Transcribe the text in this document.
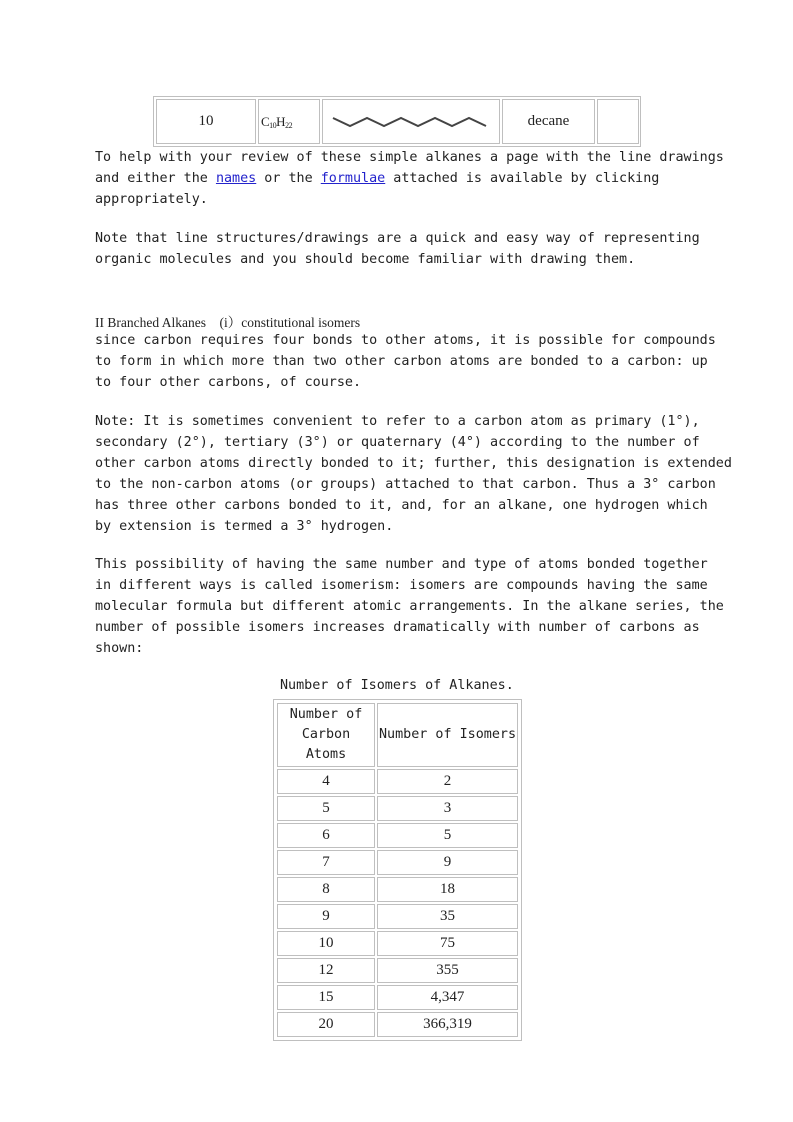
10	$C_{10}H_{22}$	decane
To help with your review of these simple alkanes a page with the line drawings
and either the names or the formulae attached is available by clicking
appropriately.
Note that line structures/drawings are a quick and easy way of representing
organic molecules and you should become familiar with drawing them.
II Branched Alkanes　(i）constitutional isomers
since carbon requires four bonds to other atoms, it is possible for compounds
to form in which more than two other carbon atoms are bonded to a carbon: up
to four other carbons, of course.
Note: It is sometimes convenient to refer to a carbon atom as primary (1°),
secondary (2°), tertiary (3°) or quaternary (4°) according to the number of
other carbon atoms directly bonded to it; further, this designation is extended
to the non-carbon atoms (or groups) attached to that carbon. Thus a 3° carbon
has three other carbons bonded to it, and, for an alkane, one hydrogen which
by extension is termed a 3° hydrogen.
This possibility of having the same number and type of atoms bonded together
in different ways is called isomerism: isomers are compounds having the same
molecular formula but different atomic arrangements. In the alkane series, the
number of possible isomers increases dramatically with number of carbons as
shown:
Number of Isomers of Alkanes.
Number of Carbon Atoms	Number of Isomers
4	2
5	3
6	5
7	9
8	18
9	35
10	75
12	355
15	4,347
20	366,319
